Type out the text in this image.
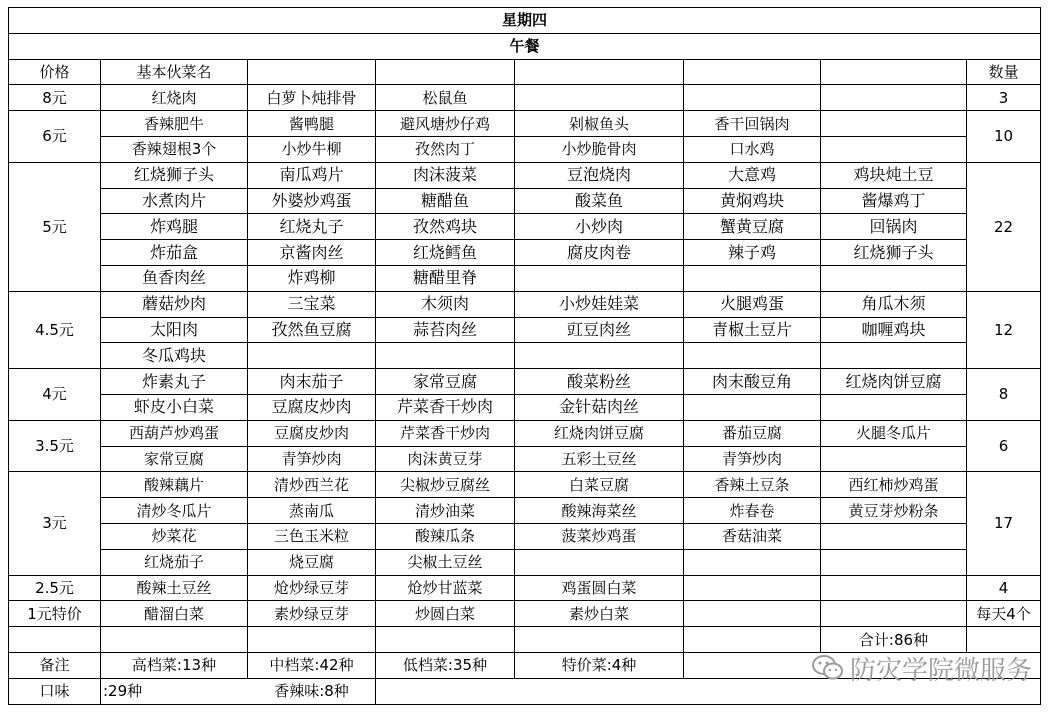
星期四							
午餐							
价格	基本伙菜名						数量
8元	红烧肉	白萝卜炖排骨	松鼠鱼				3
6元	香辣肥牛	酱鸭腿	避风塘炒仔鸡	剁椒鱼头	香干回锅肉		10
	香辣翅根3个	小炒牛柳	孜然肉丁	小炒脆骨肉	口水鸡		
5元	红烧狮子头	南瓜鸡片	肉沫菠菜	豆泡烧肉	大意鸡	鸡块炖土豆	22
	水煮肉片	外婆炒鸡蛋	糖醋鱼	酸菜鱼	黄焖鸡块	酱爆鸡丁	
	炸鸡腿	红烧丸子	孜然鸡块	小炒肉	蟹黄豆腐	回锅肉	
	炸茄盒	京酱肉丝	红烧鳕鱼	腐皮肉卷	辣子鸡	红烧狮子头	
	鱼香肉丝	炸鸡柳	糖醋里脊				
4.5元	蘑菇炒肉	三宝菜	木须肉	小炒娃娃菜	火腿鸡蛋	角瓜木须	12
	太阳肉	孜然鱼豆腐	蒜苔肉丝	豇豆肉丝	青椒土豆片	咖喱鸡块	
	冬瓜鸡块						
4元	炸素丸子	肉末茄子	家常豆腐	酸菜粉丝	肉末酸豆角	红烧肉饼豆腐	8
	虾皮小白菜	豆腐皮炒肉	芹菜香干炒肉	金针菇肉丝			
3.5元	西葫芦炒鸡蛋	豆腐皮炒肉	芹菜香干炒肉	红烧肉饼豆腐	番茄豆腐	火腿冬瓜片	6
	家常豆腐	青笋炒肉	肉沫黄豆芽	五彩土豆丝	青笋炒肉		
3元	酸辣藕片	清炒西兰花	尖椒炒豆腐丝	白菜豆腐	香辣土豆条	西红柿炒鸡蛋	17
	清炒冬瓜片	蒸南瓜	清炒油菜	酸辣海菜丝	炸春卷	黄豆芽炒粉条	
	炒菜花	三色玉米粒	酸辣瓜条	菠菜炒鸡蛋	香菇油菜		
	红烧茄子	烧豆腐	尖椒土豆丝				
2.5元	酸辣土豆丝	炝炒绿豆芽	炝炒甘蓝菜	鸡蛋圆白菜			4
1元特价	醋溜白菜	素炒绿豆芽	炒圆白菜	素炒白菜			每天4个
						合计:86种	
备注	高档菜:13种	中档菜:42种	低档菜:35种	特价菜:4种			
口味	:29种	香辣味:8种					
防灾学院微服务
